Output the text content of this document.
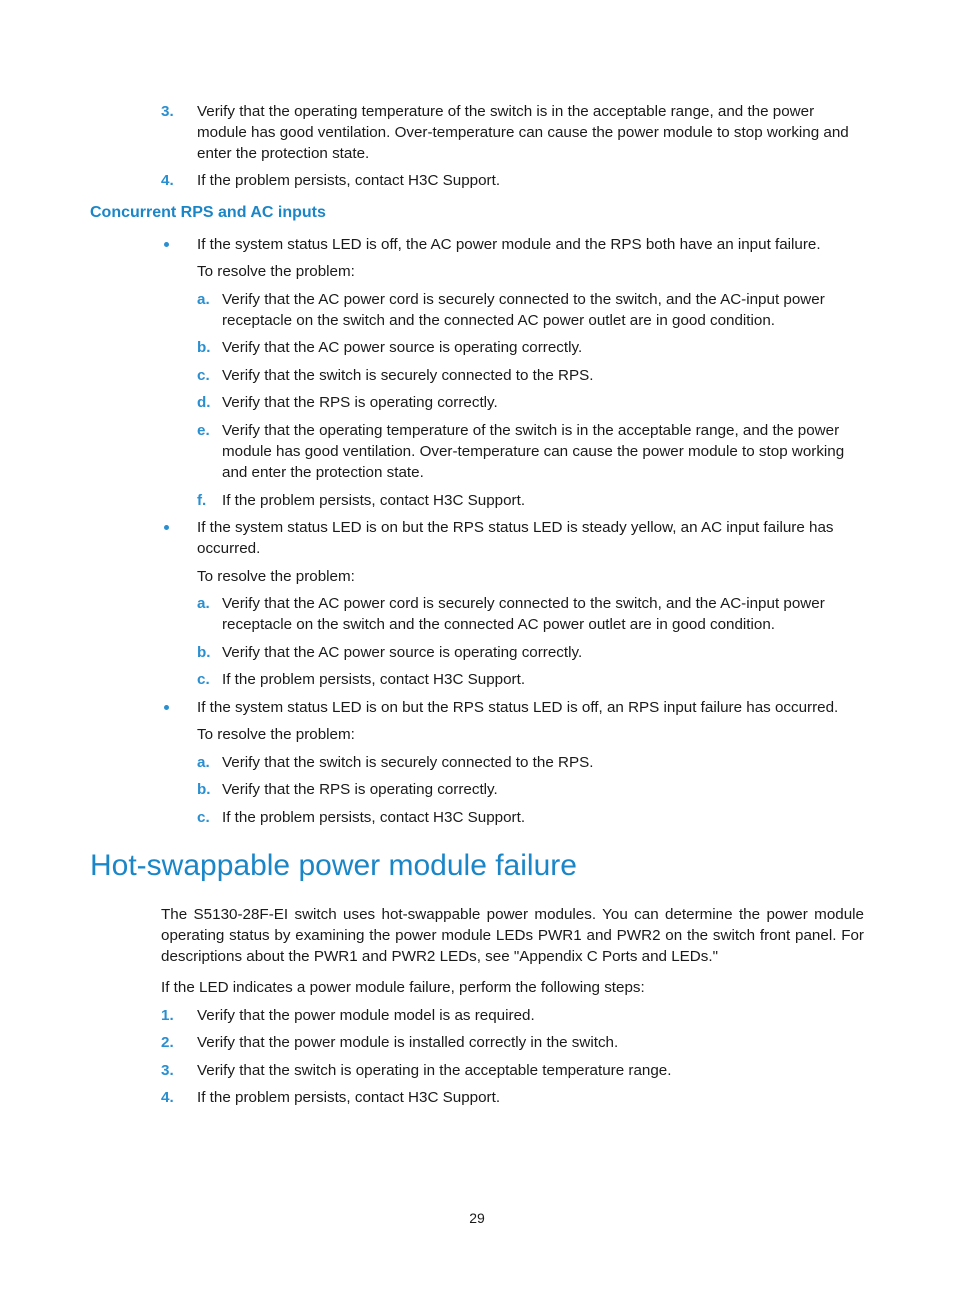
3. Verify that the operating temperature of the switch is in the acceptable range, and the power module has good ventilation. Over-temperature can cause the power module to stop working and enter the protection state.
4. If the problem persists, contact H3C Support.
Concurrent RPS and AC inputs
If the system status LED is off, the AC power module and the RPS both have an input failure.
To resolve the problem:
a. Verify that the AC power cord is securely connected to the switch, and the AC-input power receptacle on the switch and the connected AC power outlet are in good condition.
b. Verify that the AC power source is operating correctly.
c. Verify that the switch is securely connected to the RPS.
d. Verify that the RPS is operating correctly.
e. Verify that the operating temperature of the switch is in the acceptable range, and the power module has good ventilation. Over-temperature can cause the power module to stop working and enter the protection state.
f. If the problem persists, contact H3C Support.
If the system status LED is on but the RPS status LED is steady yellow, an AC input failure has occurred.
To resolve the problem:
a. Verify that the AC power cord is securely connected to the switch, and the AC-input power receptacle on the switch and the connected AC power outlet are in good condition.
b. Verify that the AC power source is operating correctly.
c. If the problem persists, contact H3C Support.
If the system status LED is on but the RPS status LED is off, an RPS input failure has occurred.
To resolve the problem:
a. Verify that the switch is securely connected to the RPS.
b. Verify that the RPS is operating correctly.
c. If the problem persists, contact H3C Support.
Hot-swappable power module failure
The S5130-28F-EI switch uses hot-swappable power modules. You can determine the power module operating status by examining the power module LEDs PWR1 and PWR2 on the switch front panel. For descriptions about the PWR1 and PWR2 LEDs, see "Appendix C Ports and LEDs."
If the LED indicates a power module failure, perform the following steps:
1. Verify that the power module model is as required.
2. Verify that the power module is installed correctly in the switch.
3. Verify that the switch is operating in the acceptable temperature range.
4. If the problem persists, contact H3C Support.
29
